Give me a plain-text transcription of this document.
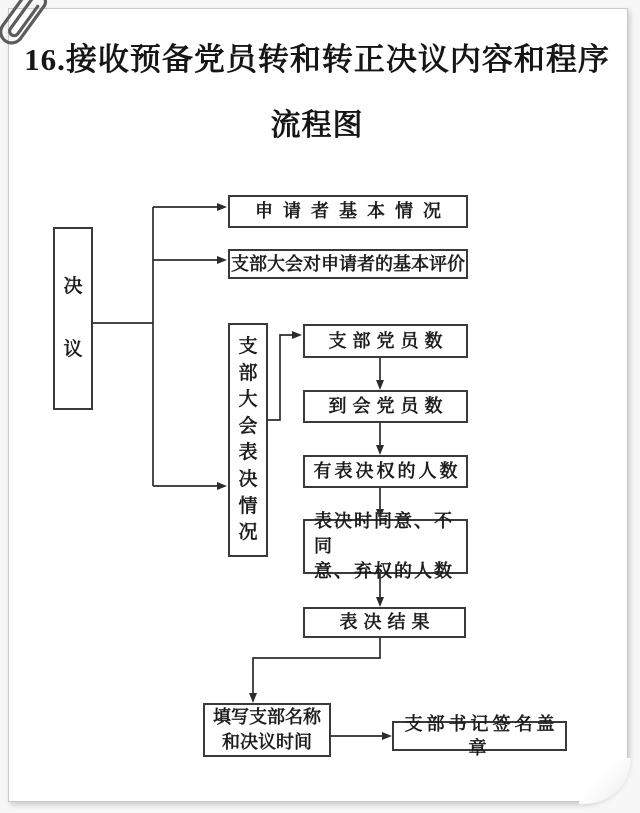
16.接收预备党员转和转正决议内容和程序
流程图
决
议
申请者基本情况
支部大会对申请者的基本评价
支
部
大
会
表
决
情
况
支部党员数
到会党员数
有表决权的人数
表决时同意、不同
意、弃权的人数
表决结果
填写支部名称
和决议时间
支部书记签名盖章
